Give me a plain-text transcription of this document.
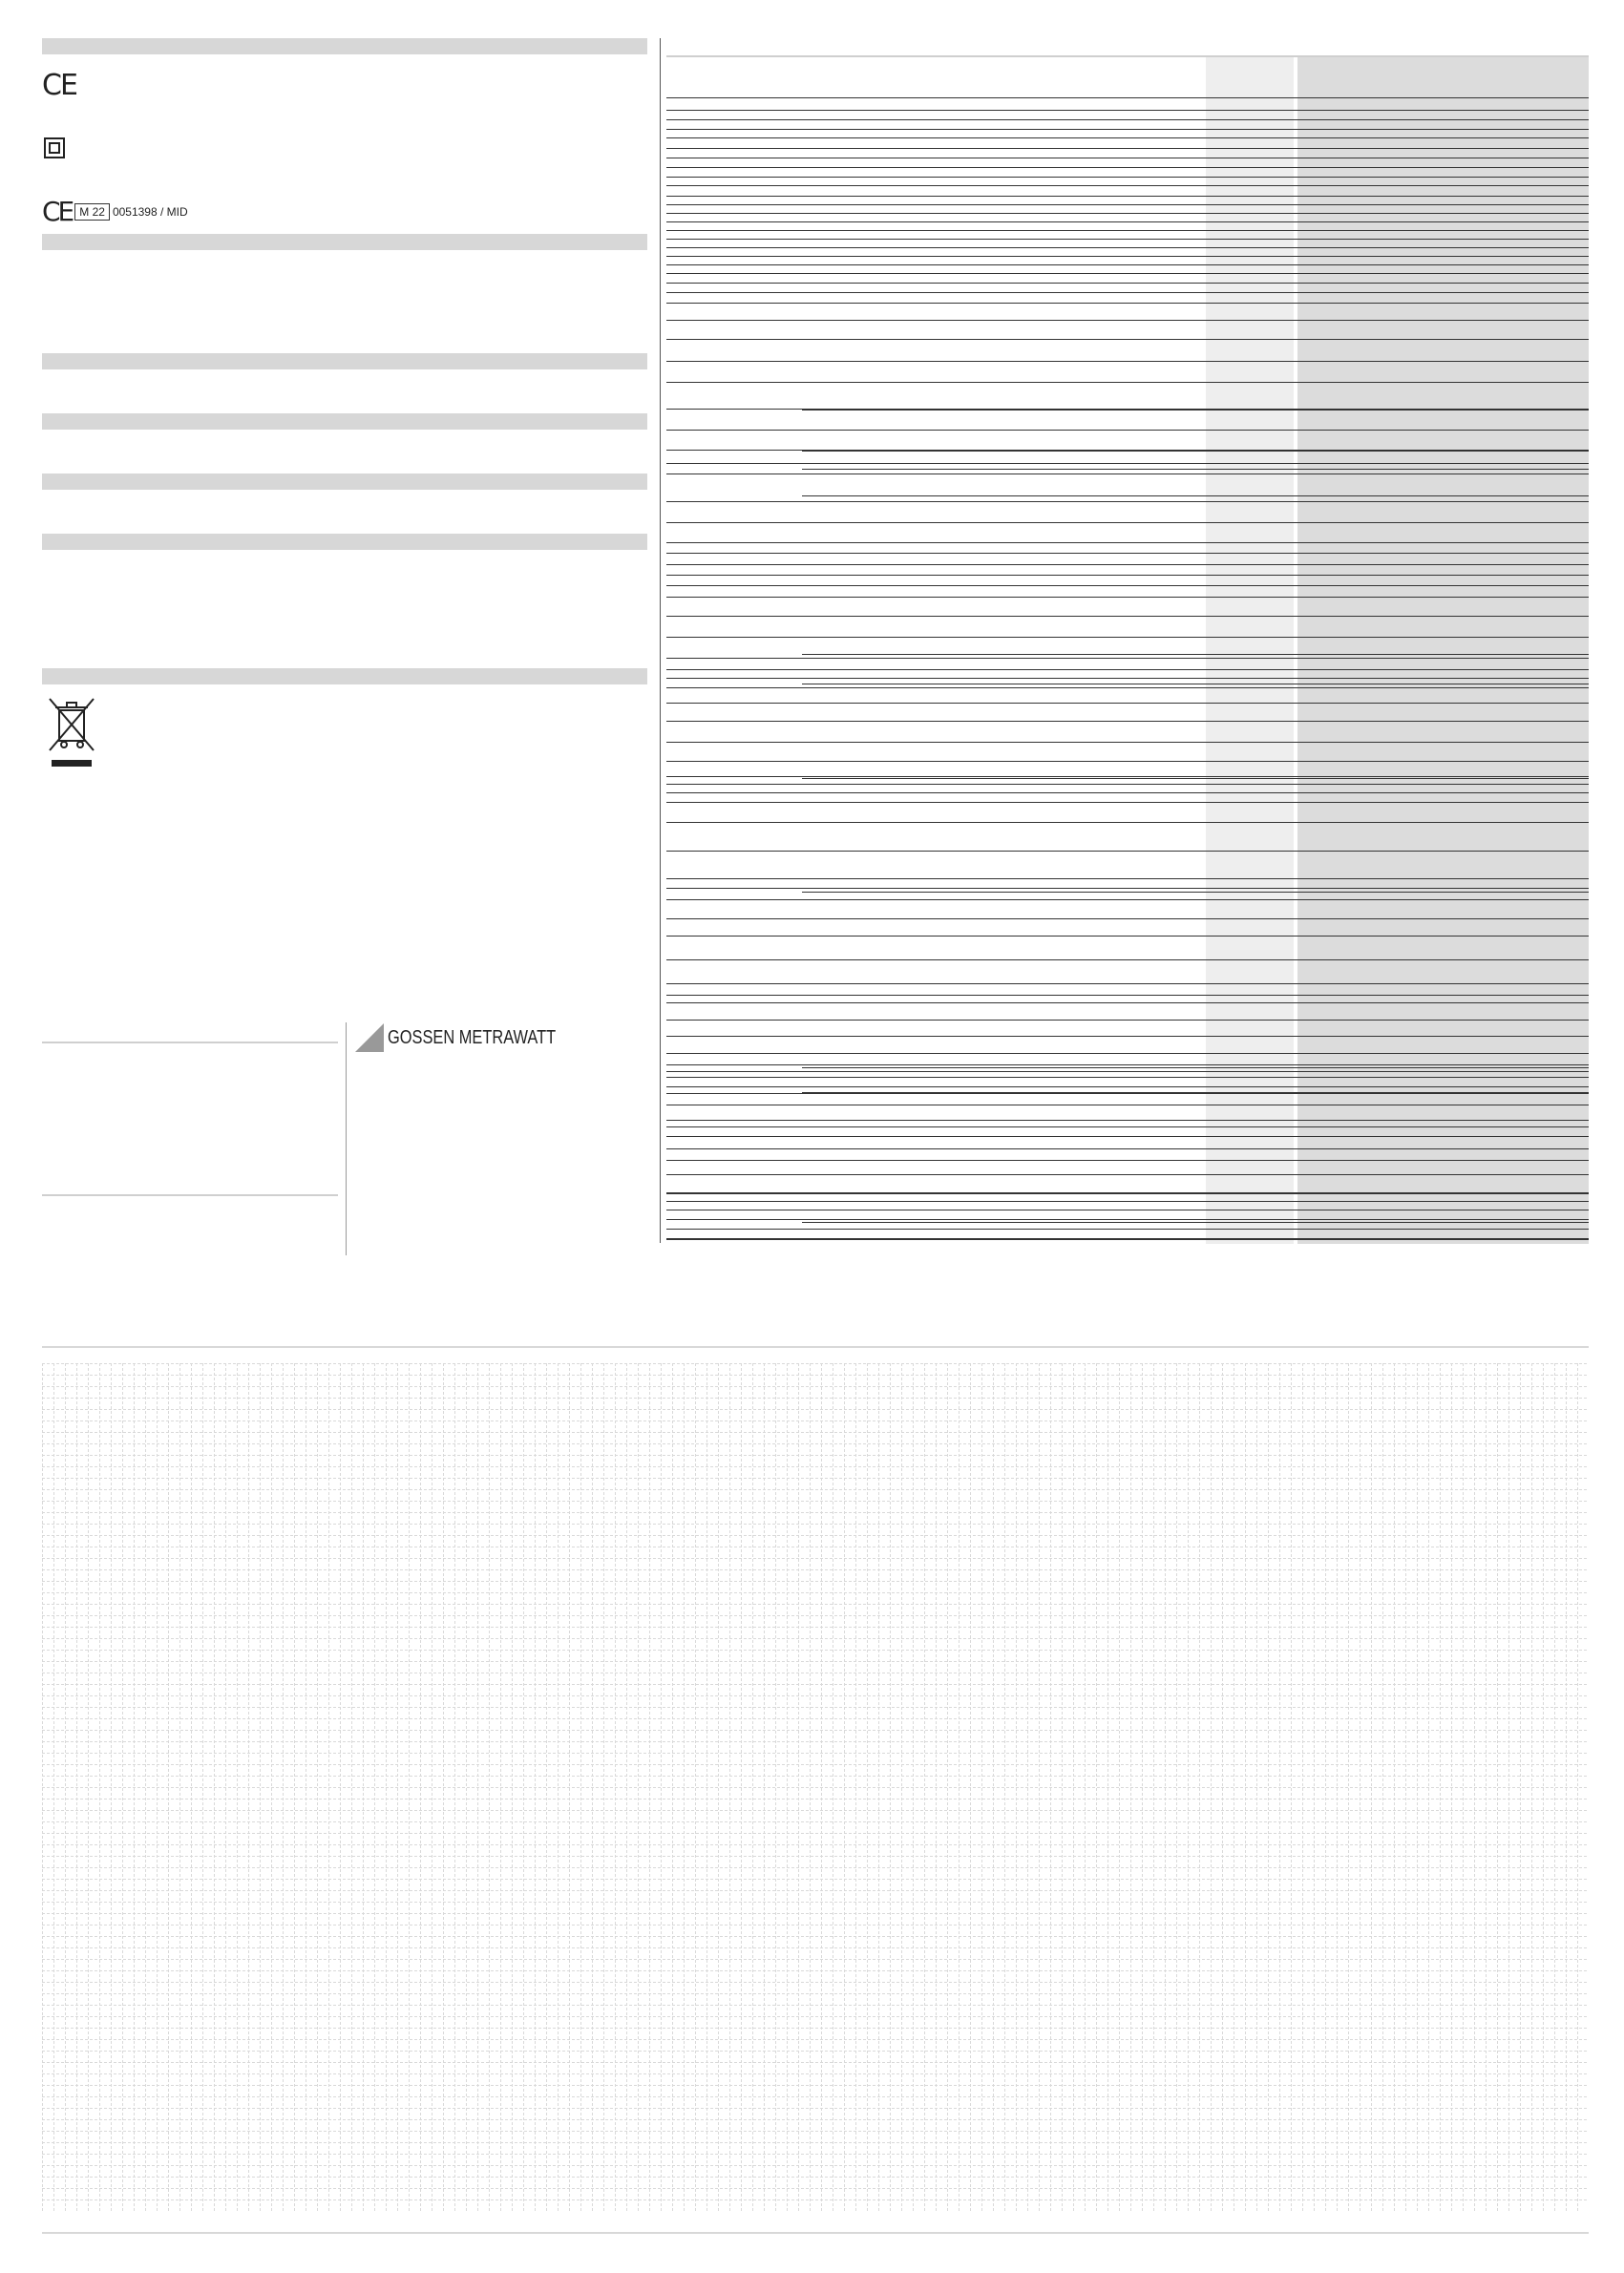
CE
CE M 22 0051398 / MID
GOSSEN METRAWATT
